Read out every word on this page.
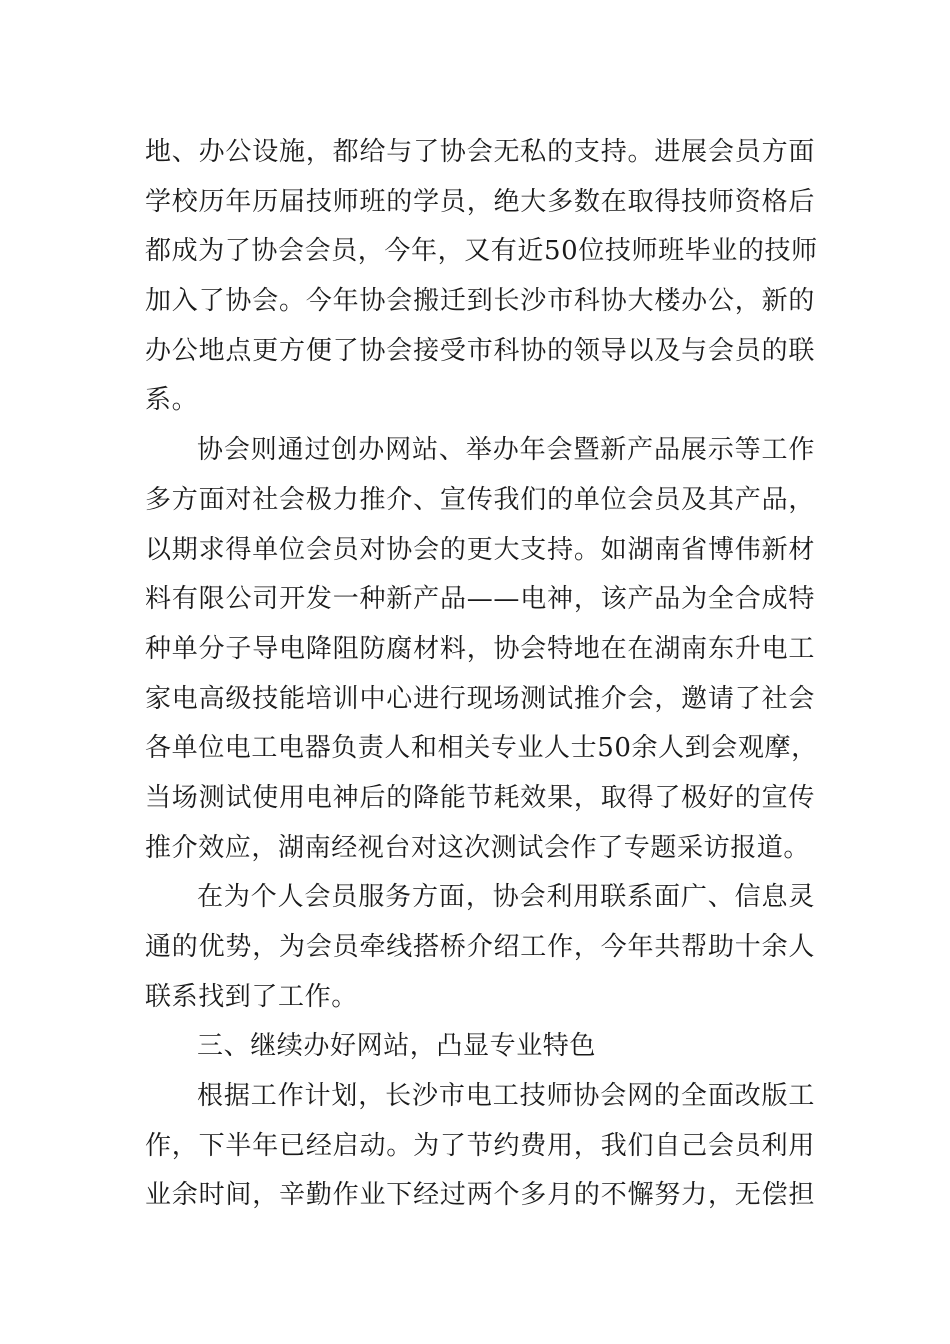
地、办公设施，都给与了协会无私的支持。进展会员方面
学校历年历届技师班的学员，绝大多数在取得技师资格后
都成为了协会会员，今年，又有近50位技师班毕业的技师
加入了协会。今年协会搬迁到长沙市科协大楼办公，新的
办公地点更方便了协会接受市科协的领导以及与会员的联
系。
协会则通过创办网站、举办年会暨新产品展示等工作
多方面对社会极力推介、宣传我们的单位会员及其产品，
以期求得单位会员对协会的更大支持。如湖南省博伟新材
料有限公司开发一种新产品——电神，该产品为全合成特
种单分子导电降阻防腐材料，协会特地在在湖南东升电工
家电高级技能培训中心进行现场测试推介会，邀请了社会
各单位电工电器负责人和相关专业人士50余人到会观摩，
当场测试使用电神后的降能节耗效果，取得了极好的宣传
推介效应，湖南经视台对这次测试会作了专题采访报道。
在为个人会员服务方面，协会利用联系面广、信息灵
通的优势，为会员牵线搭桥介绍工作，今年共帮助十余人
联系找到了工作。
三、继续办好网站，凸显专业特色
根据工作计划，长沙市电工技师协会网的全面改版工
作，下半年已经启动。为了节约费用，我们自己会员利用
业余时间，辛勤作业下经过两个多月的不懈努力，无偿担
